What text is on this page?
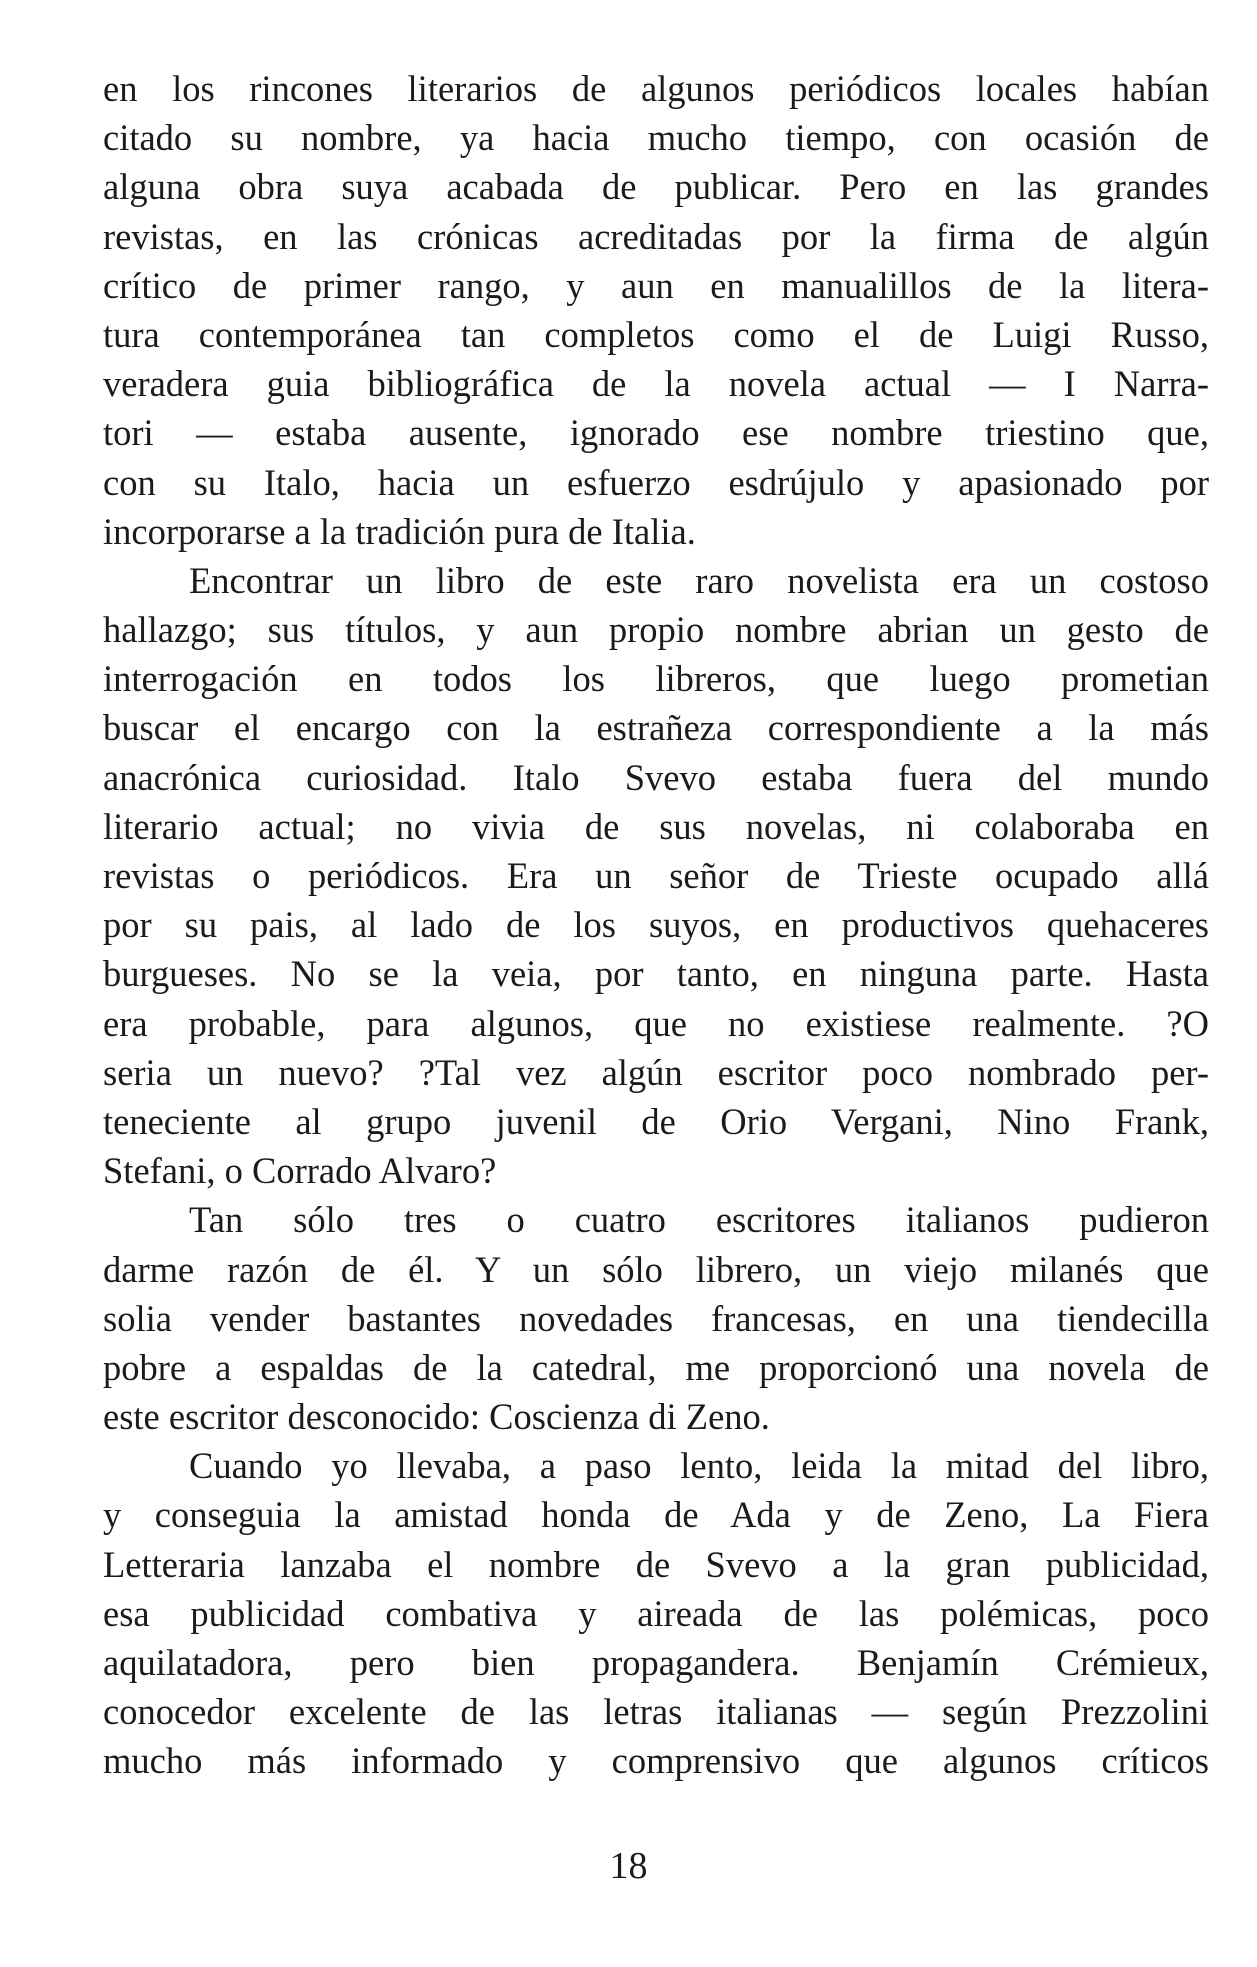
en los rincones literarios de algunos periódicos locales habían
citado su nombre, ya hacia mucho tiempo, con ocasión de
alguna obra suya acabada de publicar. Pero en las grandes
revistas, en las crónicas acreditadas por la firma de algún
crítico de primer rango, y aun en manualillos de la litera-
tura contemporánea tan completos como el de Luigi Russo,
veradera guia bibliográfica de la novela actual — I Narra-
tori — estaba ausente, ignorado ese nombre triestino que,
con su Italo, hacia un esfuerzo esdrújulo y apasionado por
incorporarse a la tradición pura de Italia.
Encontrar un libro de este raro novelista era un costoso
hallazgo; sus títulos, y aun propio nombre abrian un gesto de
interrogación en todos los libreros, que luego prometian
buscar el encargo con la estrañeza correspondiente a la más
anacrónica curiosidad. Italo Svevo estaba fuera del mundo
literario actual; no vivia de sus novelas, ni colaboraba en
revistas o periódicos. Era un señor de Trieste ocupado allá
por su pais, al lado de los suyos, en productivos quehaceres
burgueses. No se la veia, por tanto, en ninguna parte. Hasta
era probable, para algunos, que no existiese realmente. ?O
seria un nuevo? ?Tal vez algún escritor poco nombrado per-
teneciente al grupo juvenil de Orio Vergani, Nino Frank,
Stefani, o Corrado Alvaro?
Tan sólo tres o cuatro escritores italianos pudieron
darme razón de él. Y un sólo librero, un viejo milanés que
solia vender bastantes novedades francesas, en una tiendecilla
pobre a espaldas de la catedral, me proporcionó una novela de
este escritor desconocido: Coscienza di Zeno.
Cuando yo llevaba, a paso lento, leida la mitad del libro,
y conseguia la amistad honda de Ada y de Zeno, La Fiera
Letteraria lanzaba el nombre de Svevo a la gran publicidad,
esa publicidad combativa y aireada de las polémicas, poco
aquilatadora, pero bien propagandera. Benjamín Crémieux,
conocedor excelente de las letras italianas — según Prezzolini
mucho más informado y comprensivo que algunos críticos
18
